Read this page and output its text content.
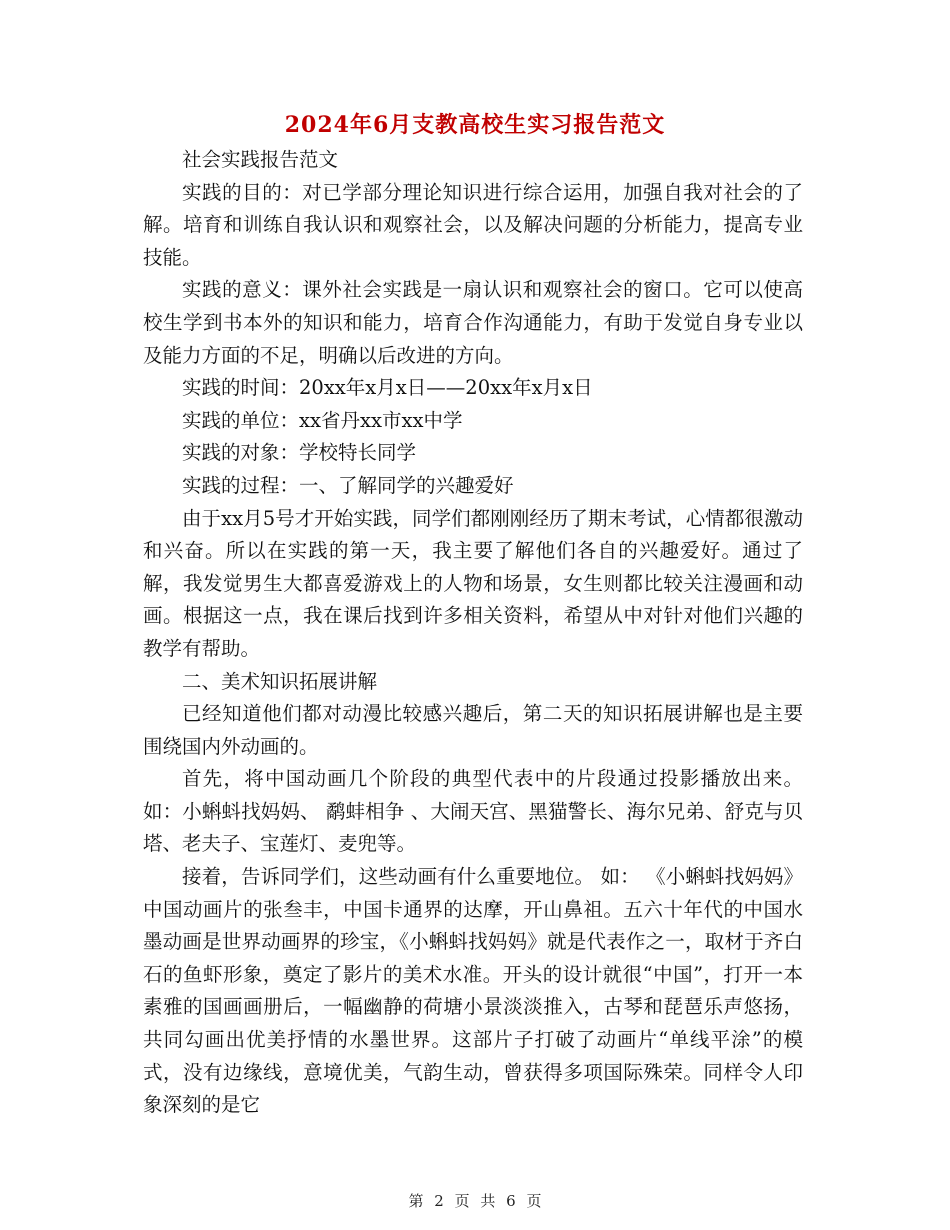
2024年6月支教高校生实习报告范文

社会实践报告范文

实践的目的：对已学部分理论知识进行综合运用，加强自我对社会的了解。培育和训练自我认识和观察社会，以及解决问题的分析能力，提高专业技能。

实践的意义：课外社会实践是一扇认识和观察社会的窗口。它可以使高校生学到书本外的知识和能力，培育合作沟通能力，有助于发觉自身专业以及能力方面的不足，明确以后改进的方向。

实践的时间：20xx年x月x日——20xx年x月x日

实践的单位：xx省丹xx市xx中学

实践的对象：学校特长同学

实践的过程：一、了解同学的兴趣爱好

由于xx月5号才开始实践，同学们都刚刚经历了期末考试，心情都很激动和兴奋。所以在实践的第一天，我主要了解他们各自的兴趣爱好。通过了解，我发觉男生大都喜爱游戏上的人物和场景，女生则都比较关注漫画和动画。根据这一点，我在课后找到许多相关资料，希望从中对针对他们兴趣的教学有帮助。

二、美术知识拓展讲解

已经知道他们都对动漫比较感兴趣后，第二天的知识拓展讲解也是主要围绕国内外动画的。

首先，将中国动画几个阶段的典型代表中的片段通过投影播放出来。如：小蝌蚪找妈妈、 鹬蚌相争 、大闹天宫、黑猫警长、海尔兄弟、舒克与贝塔、老夫子、宝莲灯、麦兜等。

接着，告诉同学们，这些动画有什么重要地位。 如： 《小蝌蚪找妈妈》 中国动画片的张叁丰，中国卡通界的达摩，开山鼻祖。五六十年代的中国水墨动画是世界动画界的珍宝，《小蝌蚪找妈妈》就是代表作之一，取材于齐白石的鱼虾形象，奠定了影片的美术水准。开头的设计就很“中国”，打开一本素雅的国画画册后，一幅幽静的荷塘小景淡淡推入，古琴和琵琶乐声悠扬，共同勾画出优美抒情的水墨世界。这部片子打破了动画片“单线平涂”的模式，没有边缘线，意境优美，气韵生动，曾获得多项国际殊荣。同样令人印象深刻的是它

第 2 页 共 6 页
